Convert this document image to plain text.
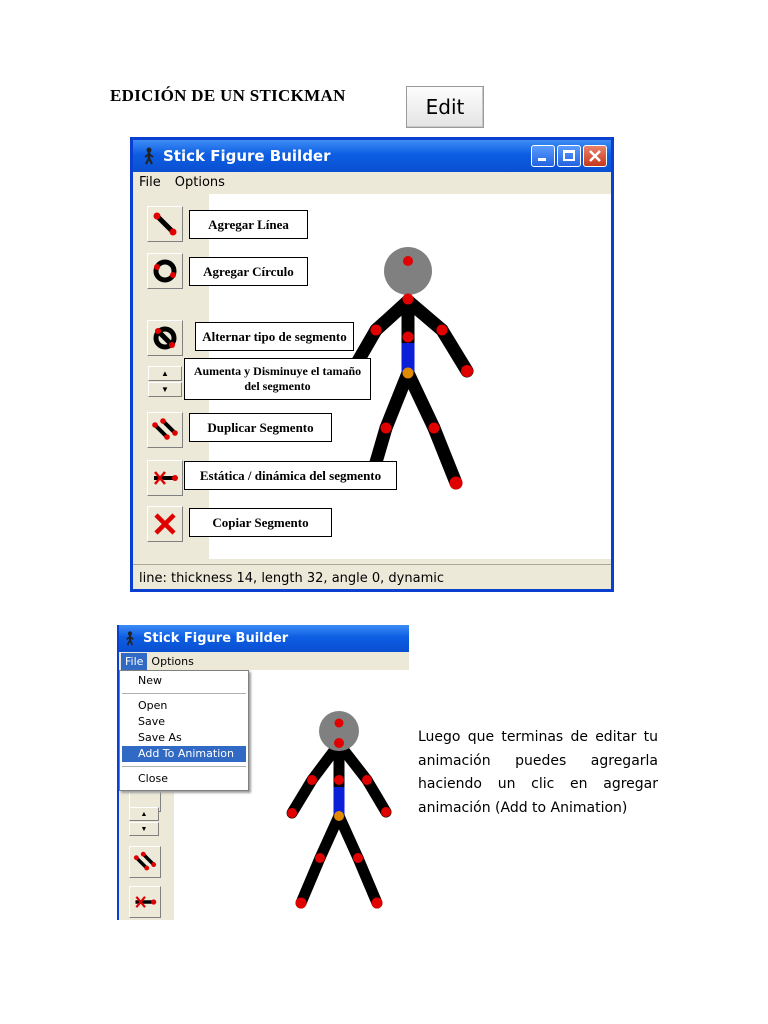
EDICIÓN DE UN STICKMAN	Edit
Stick Figure Builder
File Options
▲
▼
line: thickness 14, length 32, angle 0, dynamic
Agregar Línea
Agregar Círculo
Alternar tipo de segmento
Aumenta y Disminuye el tamaño
del segmento
Duplicar Segmento
Estática / dinámica del segmento
Copiar Segmento
Stick Figure Builder
File Options
▲
▼
New
Open
Save
Save As
Add To Animation
Close
Luego que terminas de editar tu animación puedes agregarla haciendo un clic en agregar animación (Add to Animation)
